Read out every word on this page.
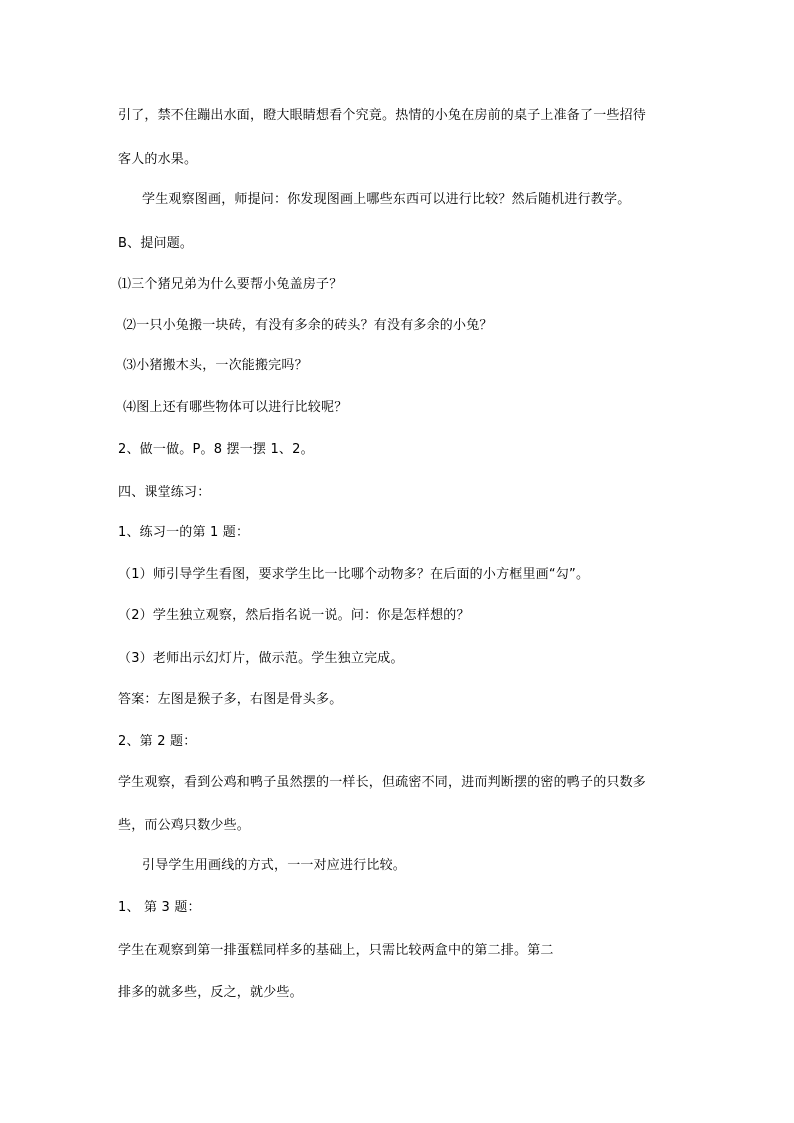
引了，禁不住蹦出水面，瞪大眼睛想看个究竟。热情的小兔在房前的桌子上准备了一些招待
客人的水果。
学生观察图画，师提问：你发现图画上哪些东西可以进行比较？然后随机进行教学。
B、提问题。
⑴三个猪兄弟为什么要帮小兔盖房子？
⑵一只小兔搬一块砖，有没有多余的砖头？有没有多余的小兔？
⑶小猪搬木头，一次能搬完吗？
⑷图上还有哪些物体可以进行比较呢？
2、做一做。P。8 摆一摆 1、2。
四、课堂练习：
1、练习一的第 1 题：
（1）师引导学生看图，要求学生比一比哪个动物多？在后面的小方框里画“勾”。
（2）学生独立观察，然后指名说一说。问：你是怎样想的？
（3）老师出示幻灯片，做示范。学生独立完成。
答案：左图是猴子多，右图是骨头多。
2、第 2 题：
学生观察，看到公鸡和鸭子虽然摆的一样长，但疏密不同，进而判断摆的密的鸭子的只数多
些，而公鸡只数少些。
引导学生用画线的方式，一一对应进行比较。
1、 第 3 题：
学生在观察到第一排蛋糕同样多的基础上，只需比较两盒中的第二排。第二
排多的就多些，反之，就少些。
